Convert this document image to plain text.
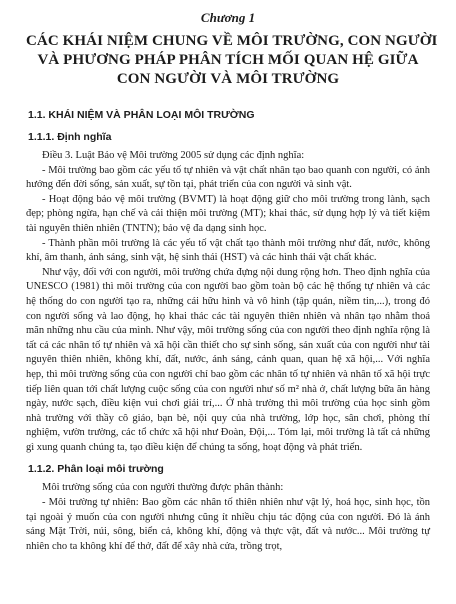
Chương 1
CÁC KHÁI NIỆM CHUNG VỀ MÔI TRƯỜNG, CON NGƯỜI
VÀ PHƯƠNG PHÁP PHÂN TÍCH MỐI QUAN HỆ GIỮA
CON NGƯỜI VÀ MÔI TRƯỜNG
1.1. KHÁI NIỆM VÀ PHÂN LOẠI MÔI TRƯỜNG
1.1.1. Định nghĩa

Điều 3. Luật Bảo vệ Môi trường 2005 sử dụng các định nghĩa:

- Môi trường bao gồm các yếu tố tự nhiên và vật chất nhân tạo bao quanh con người, có ảnh hưởng đến đời sống, sản xuất, sự tồn tại, phát triển của con người và sinh vật.

- Hoạt động bảo vệ môi trường (BVMT) là hoạt động giữ cho môi trường trong lành, sạch đẹp; phòng ngừa, hạn chế và cải thiện môi trường (MT); khai thác, sử dụng hợp lý và tiết kiệm tài nguyên thiên nhiên (TNTN); bảo vệ đa dạng sinh học.

- Thành phần môi trường là các yếu tố vật chất tạo thành môi trường như đất, nước, không khí, âm thanh, ánh sáng, sinh vật, hệ sinh thái (HST) và các hình thái vật chất khác.

Như vậy, đối với con người, môi trường chứa đựng nội dung rộng hơn. Theo định nghĩa của UNESCO (1981) thì môi trường của con người bao gồm toàn bộ các hệ thống tự nhiên và các hệ thống do con người tạo ra, những cái hữu hình và vô hình (tập quán, niềm tin,...), trong đó con người sống và lao động, họ khai thác các tài nguyên thiên nhiên và nhân tạo nhằm thoả mãn những nhu cầu của mình. Như vậy, môi trường sống của con người theo định nghĩa rộng là tất cả các nhân tố tự nhiên và xã hội cần thiết cho sự sinh sống, sản xuất của con người như tài nguyên thiên nhiên, không khí, đất, nước, ánh sáng, cảnh quan, quan hệ xã hội,... Với nghĩa hẹp, thì môi trường sống của con người chỉ bao gồm các nhân tố tự nhiên và nhân tố xã hội trực tiếp liên quan tới chất lượng cuộc sống của con người như số m² nhà ở, chất lượng bữa ăn hàng ngày, nước sạch, điều kiện vui chơi giải trí,... Ở nhà trường thì môi trường của học sinh gồm nhà trường với thầy cô giáo, bạn bè, nội quy của nhà trường, lớp học, sân chơi, phòng thí nghiệm, vườn trường, các tổ chức xã hội như Đoàn, Đội,... Tóm lại, môi trường là tất cả những gì xung quanh chúng ta, tạo điều kiện để chúng ta sống, hoạt động và phát triển.

1.1.2. Phân loại môi trường

Môi trường sống của con người thường được phân thành:

- Môi trường tự nhiên: Bao gồm các nhân tố thiên nhiên như vật lý, hoá học, sinh học, tồn tại ngoài ý muốn của con người nhưng cũng ít nhiều chịu tác động của con người. Đó là ánh sáng Mặt Trời, núi, sông, biển cả, không khí, động và thực vật, đất và nước... Môi trường tự nhiên cho ta không khí để thở, đất để xây nhà cửa, trồng trọt,
